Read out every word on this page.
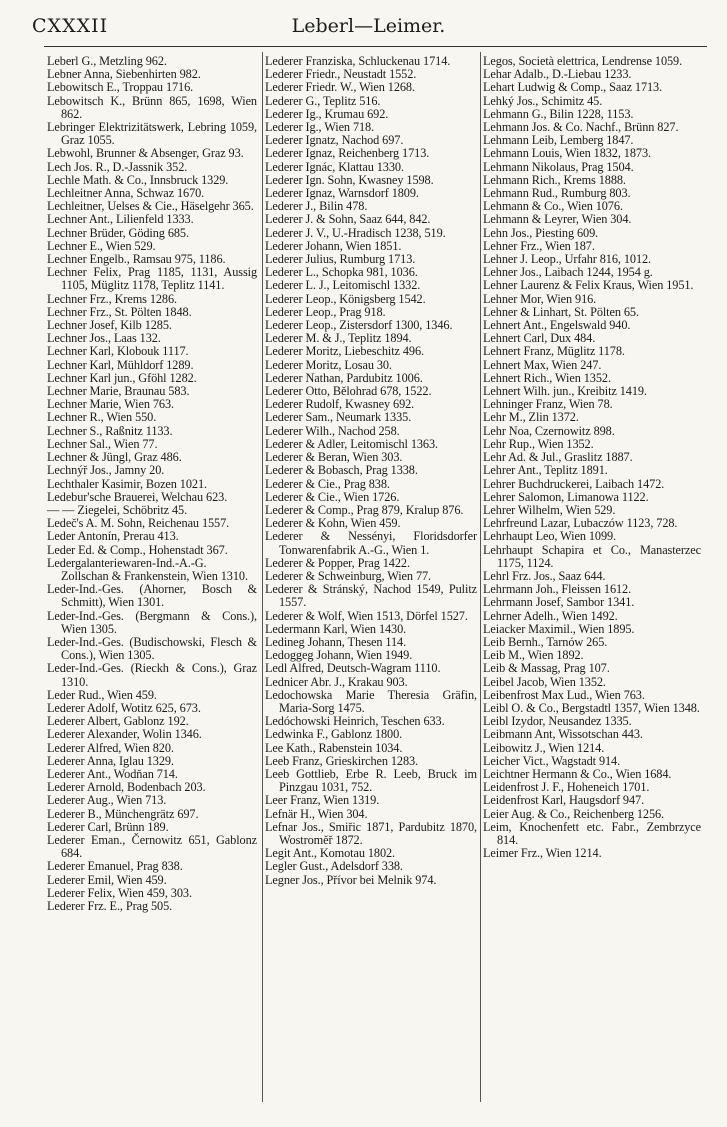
CXXXII	Leberl—Leimer.
Leberl G., Metzling 962.
Lebner Anna, Siebenhirten 982.
Lebowitsch E., Troppau 1716.
Lebowitsch K., Brünn 865, 1698, Wien 862.
Lebringer Elektrizitätswerk, Lebring 1059, Graz 1055.
Lebwohl, Brunner & Absenger, Graz 93.
Lech Jos. R., D.-Jassnik 352.
Lechle Math. & Co., Innsbruck 1329.
Lechleitner Anna, Schwaz 1670.
Lechleitner, Uelses & Cie., Häselgehr 365.
Lechner Ant., Lilienfeld 1333.
Lechner Brüder, Göding 685.
Lechner E., Wien 529.
Lechner Engelb., Ramsau 975, 1186.
Lechner Felix, Prag 1185, 1131, Aussig 1105, Müglitz 1178, Teplitz 1141.
Lechner Frz., Krems 1286.
Lechner Frz., St. Pölten 1848.
Lechner Josef, Kilb 1285.
Lechner Jos., Laas 132.
Lechner Karl, Klobouk 1117.
Lechner Karl, Mühldorf 1289.
Lechner Karl jun., Gföhl 1282.
Lechner Marie, Braunau 583.
Lechner Marie, Wien 763.
Lechner R., Wien 550.
Lechner S., Raßnitz 1133.
Lechner Sal., Wien 77.
Lechner & Jüngl, Graz 486.
Lechnýř Jos., Jamny 20.
Lechthaler Kasimir, Bozen 1021.
Ledebur'sche Brauerei, Welchau 623.
— — Ziegelei, Schöbritz 45.
Ledeč's A. M. Sohn, Reichenau 1557.
Leder Antonín, Prerau 413.
Leder Ed. & Comp., Hohenstadt 367.
Ledergalanteriewaren-Ind.-A.-G. Zollschan & Frankenstein, Wien 1310.
Leder-Ind.-Ges. (Ahorner, Bosch & Schmitt), Wien 1301.
Leder-Ind.-Ges. (Bergmann & Cons.), Wien 1305.
Leder-Ind.-Ges. (Budischowski, Flesch & Cons.), Wien 1305.
Leder-Ind.-Ges. (Rieckh & Cons.), Graz 1310.
Leder Rud., Wien 459.
Lederer Adolf, Wotitz 625, 673.
Lederer Albert, Gablonz 192.
Lederer Alexander, Wolin 1346.
Lederer Alfred, Wien 820.
Lederer Anna, Iglau 1329.
Lederer Ant., Wodňan 714.
Lederer Arnold, Bodenbach 203.
Lederer Aug., Wien 713.
Lederer B., Münchengrätz 697.
Lederer Carl, Brünn 189.
Lederer Eman., Černowitz 651, Gablonz 684.
Lederer Emanuel, Prag 838.
Lederer Emil, Wien 459.
Lederer Felix, Wien 459, 303.
Lederer Frz. E., Prag 505.
Lederer Franziska, Schluckenau 1714.
Lederer Friedr., Neustadt 1552.
Lederer Friedr. W., Wien 1268.
Lederer G., Teplitz 516.
Lederer Ig., Krumau 692.
Lederer Ig., Wien 718.
Lederer Ignatz, Nachod 697.
Lederer Ignaz, Reichenberg 1713.
Lederer Ignác, Klattau 1330.
Lederer Ign. Sohn, Kwasney 1598.
Lederer Ignaz, Warnsdorf 1809.
Lederer J., Bilin 478.
Lederer J. & Sohn, Saaz 644, 842.
Lederer J. V., U.-Hradisch 1238, 519.
Lederer Johann, Wien 1851.
Lederer Julius, Rumburg 1713.
Lederer L., Schopka 981, 1036.
Lederer L. J., Leitomischl 1332.
Lederer Leop., Königsberg 1542.
Lederer Leop., Prag 918.
Lederer Leop., Zistersdorf 1300, 1346.
Lederer M. & J., Teplitz 1894.
Lederer Moritz, Liebeschitz 496.
Lederer Moritz, Losau 30.
Lederer Nathan, Pardubitz 1006.
Lederer Otto, Bělohrad 678, 1522.
Lederer Rudolf, Kwasney 692.
Lederer Sam., Neumark 1335.
Lederer Wilh., Nachod 258.
Lederer & Adler, Leitomischl 1363.
Lederer & Beran, Wien 303.
Lederer & Bobasch, Prag 1338.
Lederer & Cie., Prag 838.
Lederer & Cie., Wien 1726.
Lederer & Comp., Prag 879, Kralup 876.
Lederer & Kohn, Wien 459.
Lederer & Nessényi, Floridsdorfer Tonwarenfabrik A.-G., Wien 1.
Lederer & Popper, Prag 1422.
Lederer & Schweinburg, Wien 77.
Lederer & Stránský, Nachod 1549, Pulitz 1557.
Lederer & Wolf, Wien 1513, Dörfel 1527.
Ledermann Karl, Wien 1430.
Ledineg Johann, Thesen 114.
Ledoggeg Johann, Wien 1949.
Ledl Alfred, Deutsch-Wagram 1110.
Lednicer Abr. J., Krakau 903.
Ledochowska Marie Theresia Gräfin, Maria-Sorg 1475.
Ledóchowski Heinrich, Teschen 633.
Ledwinka F., Gablonz 1800.
Lee Kath., Rabenstein 1034.
Leeb Franz, Grieskirchen 1283.
Leeb Gottlieb, Erbe R. Leeb, Bruck im Pinzgau 1031, 752.
Leer Franz, Wien 1319.
Lefnär H., Wien 304.
Lefnar Jos., Smiřic 1871, Pardubitz 1870, Wostroměř 1872.
Legit Ant., Komotau 1802.
Legler Gust., Adelsdorf 338.
Legner Jos., Přívor bei Melnik 974.
Legos, Società elettrica, Lendrense 1059.
Lehar Adalb., D.-Liebau 1233.
Lehart Ludwig & Comp., Saaz 1713.
Lehký Jos., Schimitz 45.
Lehmann G., Bilin 1228, 1153.
Lehmann Jos. & Co. Nachf., Brünn 827.
Lehmann Leib, Lemberg 1847.
Lehmann Louis, Wien 1832, 1873.
Lehmann Nikolaus, Prag 1504.
Lehmann Rich., Krems 1888.
Lehmann Rud., Rumburg 803.
Lehmann & Co., Wien 1076.
Lehmann & Leyrer, Wien 304.
Lehn Jos., Piesting 609.
Lehner Frz., Wien 187.
Lehner J. Leop., Urfahr 816, 1012.
Lehner Jos., Laibach 1244, 1954 g.
Lehner Laurenz & Felix Kraus, Wien 1951.
Lehner Mor, Wien 916.
Lehner & Linhart, St. Pölten 65.
Lehnert Ant., Engelswald 940.
Lehnert Carl, Dux 484.
Lehnert Franz, Müglitz 1178.
Lehnert Max, Wien 247.
Lehnert Rich., Wien 1352.
Lehnert Wilh. jun., Kreibitz 1419.
Lehninger Franz, Wien 78.
Lehr M., Zlin 1372.
Lehr Noa, Czernowitz 898.
Lehr Rup., Wien 1352.
Lehr Ad. & Jul., Graslitz 1887.
Lehrer Ant., Teplitz 1891.
Lehrer Buchdruckerei, Laibach 1472.
Lehrer Salomon, Limanowa 1122.
Lehrer Wilhelm, Wien 529.
Lehrfreund Lazar, Lubaczów 1123, 728.
Lehrhaupt Leo, Wien 1099.
Lehrhaupt Schapira et Co., Manasterzec 1175, 1124.
Lehrl Frz. Jos., Saaz 644.
Lehrmann Joh., Fleissen 1612.
Lehrmann Josef, Sambor 1341.
Lehrner Adelh., Wien 1492.
Leiacker Maximil., Wien 1895.
Leib Bernh., Tarnów 265.
Leib M., Wien 1892.
Leib & Massag, Prag 107.
Leibel Jacob, Wien 1352.
Leibenfrost Max Lud., Wien 763.
Leibl O. & Co., Bergstadtl 1357, Wien 1348.
Leibl Izydor, Neusandez 1335.
Leibmann Ant, Wissotschan 443.
Leibowitz J., Wien 1214.
Leicher Vict., Wagstadt 914.
Leichtner Hermann & Co., Wien 1684.
Leidenfrost J. F., Hoheneich 1701.
Leidenfrost Karl, Haugsdorf 947.
Leier Aug. & Co., Reichenberg 1256.
Leim, Knochenfett etc. Fabr., Zembrzyce 814.
Leimer Frz., Wien 1214.
